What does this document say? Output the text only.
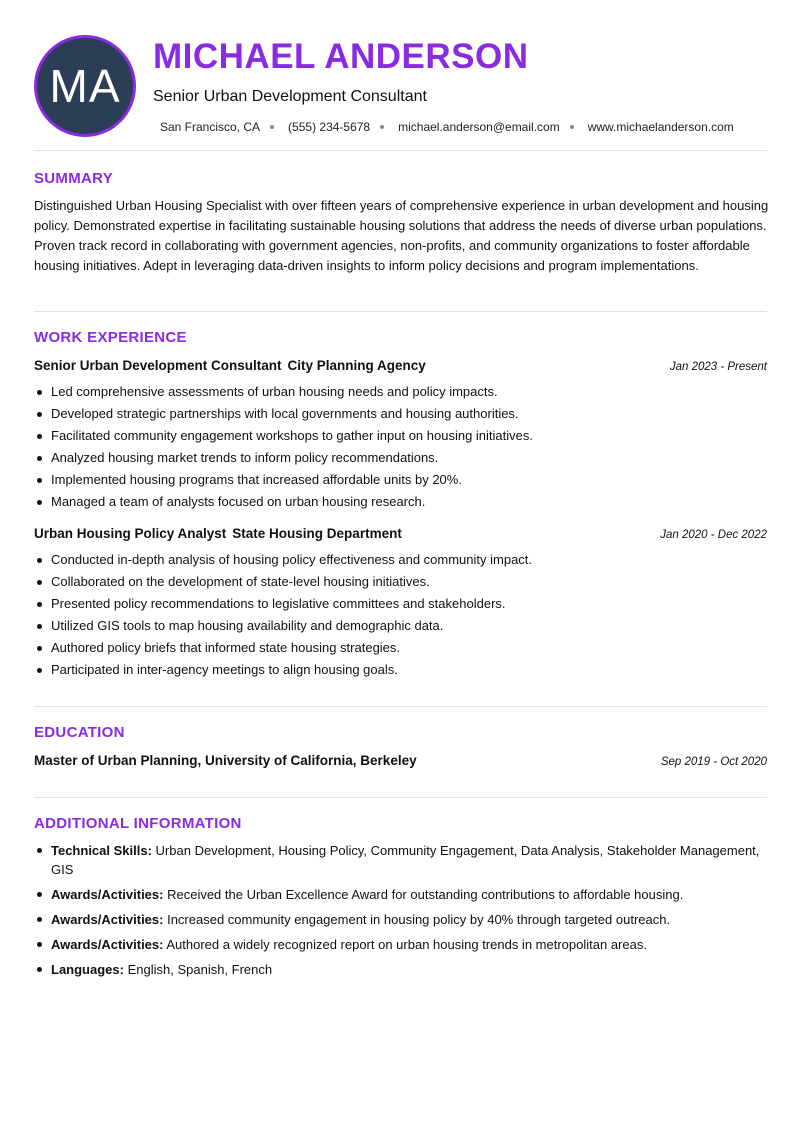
MA
MICHAEL ANDERSON
Senior Urban Development Consultant
San Francisco, CA (555) 234-5678 michael.anderson@email.com www.michaelanderson.com
SUMMARY

Distinguished Urban Housing Specialist with over fifteen years of comprehensive experience in urban development and housing policy. Demonstrated expertise in facilitating sustainable housing solutions that address the needs of diverse urban populations. Proven track record in collaborating with government agencies, non-profits, and community organizations to foster affordable housing initiatives. Adept in leveraging data-driven insights to inform policy decisions and program implementations.

WORK EXPERIENCE
Senior Urban Development Consultant City Planning Agency	Jan 2023 - Present
Led comprehensive assessments of urban housing needs and policy impacts.
Developed strategic partnerships with local governments and housing authorities.
Facilitated community engagement workshops to gather input on housing initiatives.
Analyzed housing market trends to inform policy recommendations.
Implemented housing programs that increased affordable units by 20%.
Managed a team of analysts focused on urban housing research.
Urban Housing Policy Analyst State Housing Department	Jan 2020 - Dec 2022
Conducted in-depth analysis of housing policy effectiveness and community impact.
Collaborated on the development of state-level housing initiatives.
Presented policy recommendations to legislative committees and stakeholders.
Utilized GIS tools to map housing availability and demographic data.
Authored policy briefs that informed state housing strategies.
Participated in inter-agency meetings to align housing goals.
EDUCATION
Master of Urban Planning, University of California, Berkeley	Sep 2019 - Oct 2020
ADDITIONAL INFORMATION
Technical Skills: Urban Development, Housing Policy, Community Engagement, Data Analysis, Stakeholder Management, GIS
Awards/Activities: Received the Urban Excellence Award for outstanding contributions to affordable housing.
Awards/Activities: Increased community engagement in housing policy by 40% through targeted outreach.
Awards/Activities: Authored a widely recognized report on urban housing trends in metropolitan areas.
Languages: English, Spanish, French
